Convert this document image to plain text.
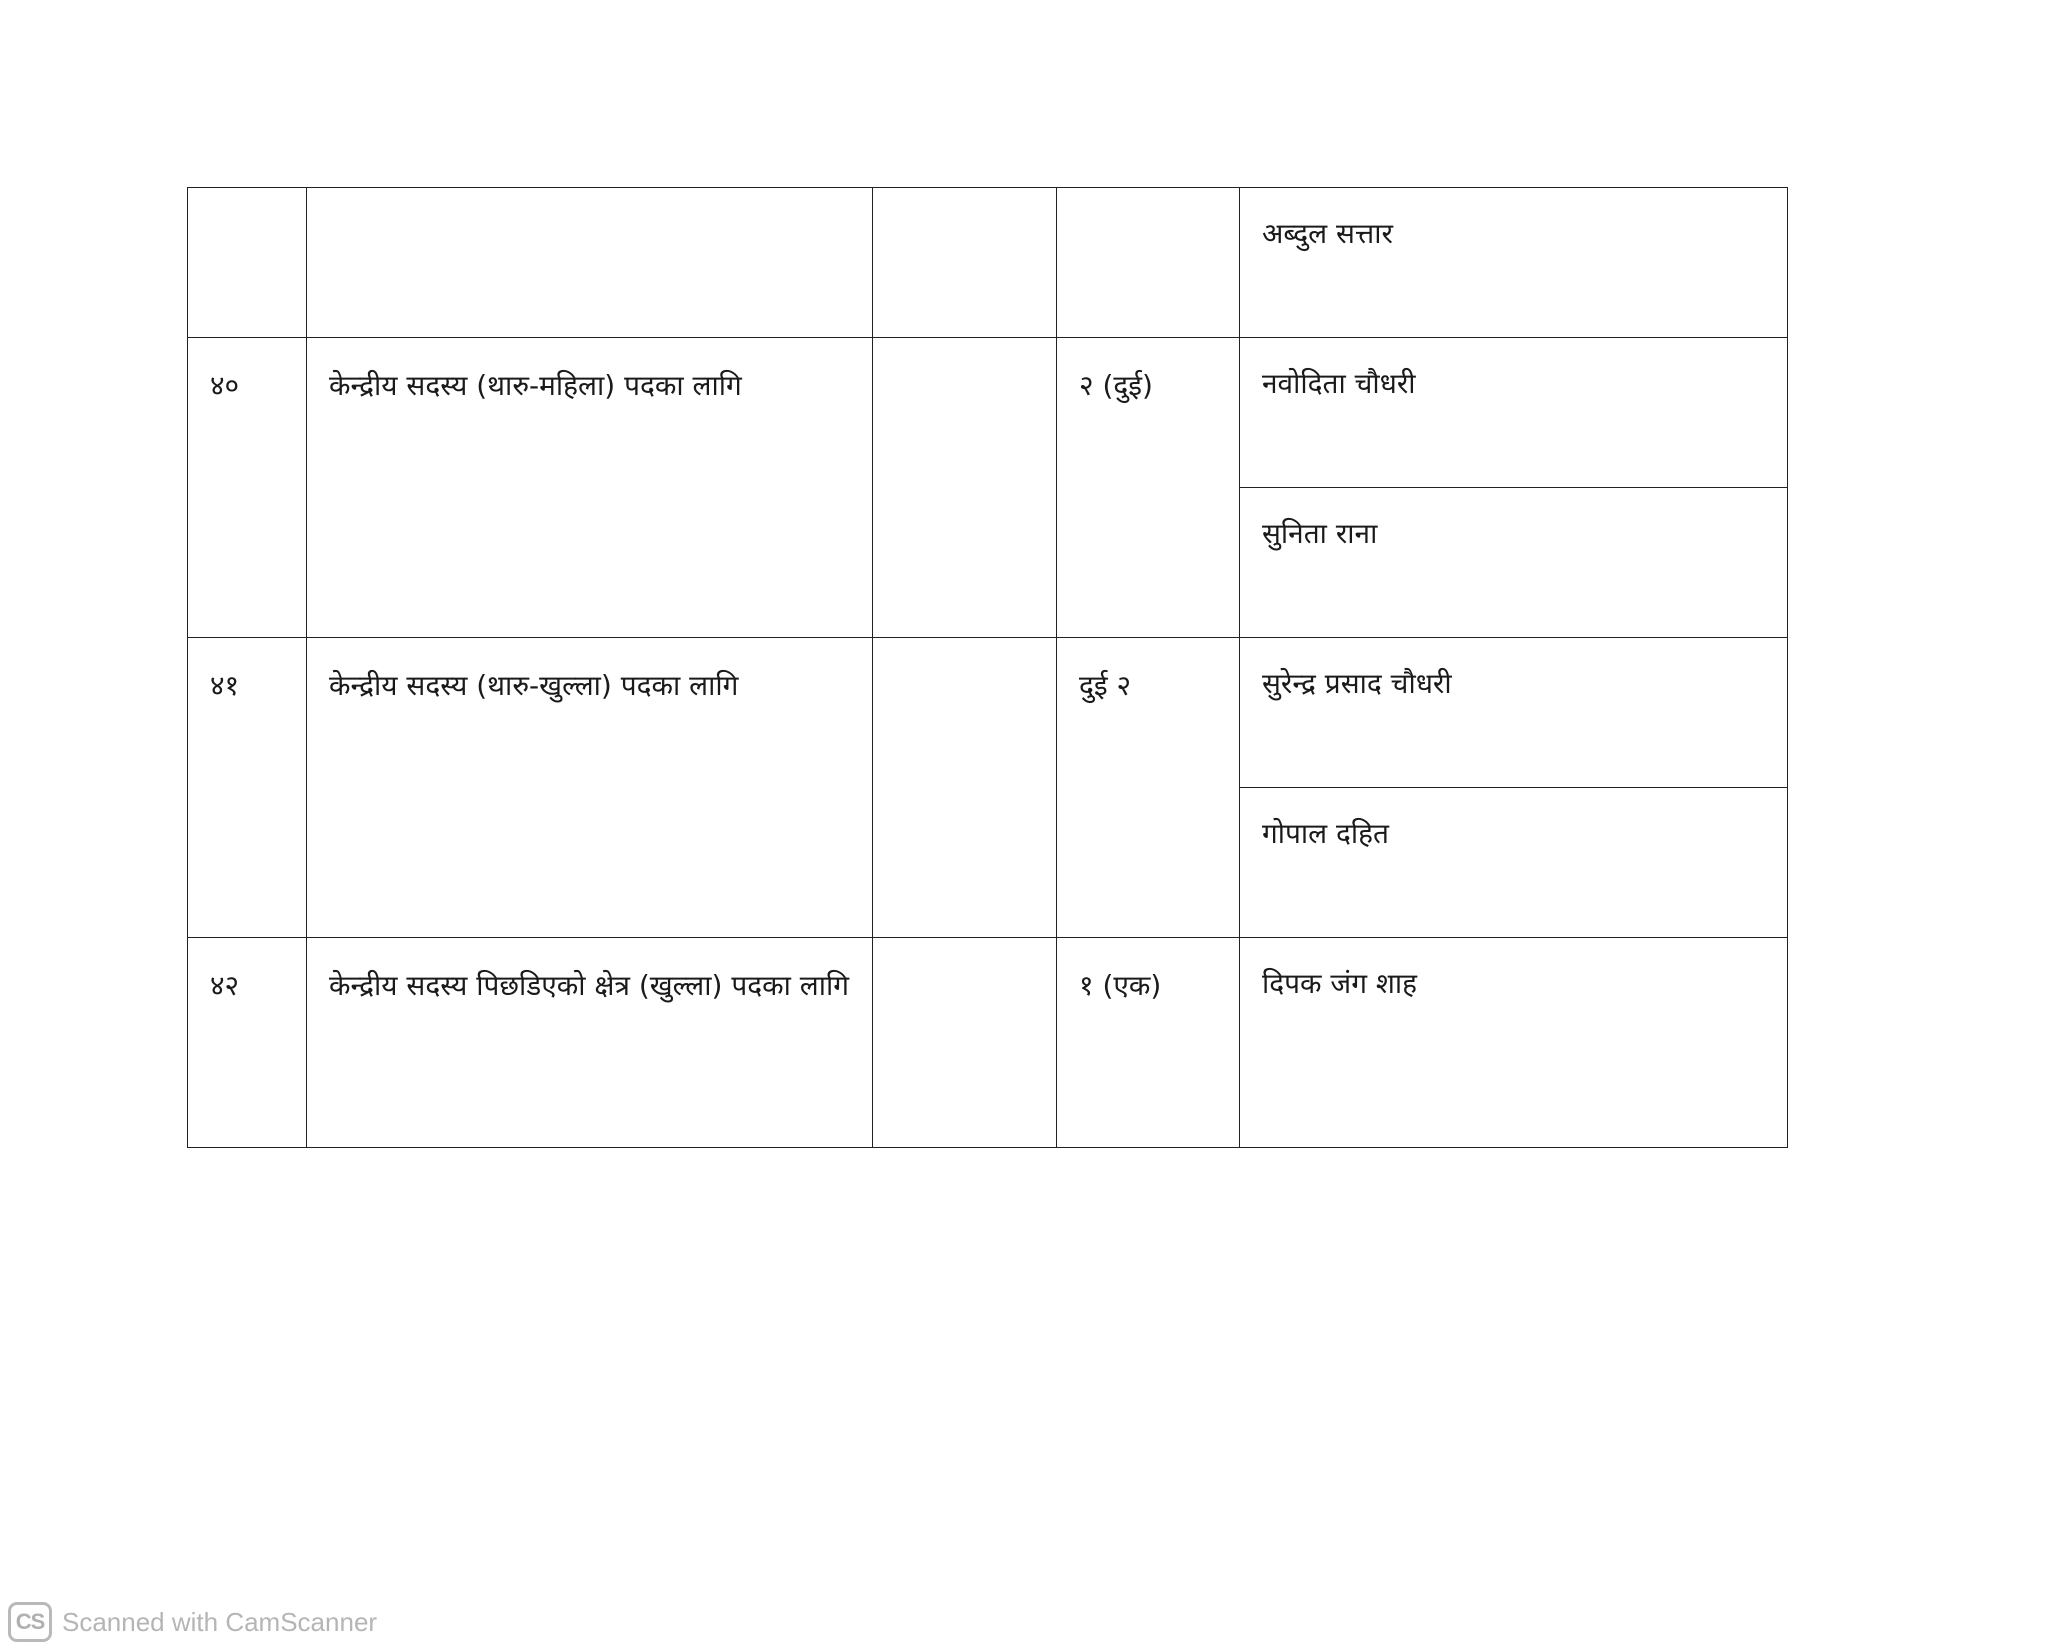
				अब्दुल सत्तार
४०	केन्द्रीय सदस्य (थारु-महिला) पदका लागि		२ (दुई)	नवोदिता चौधरी
				सुनिता राना
४१	केन्द्रीय सदस्य (थारु-खुल्ला) पदका लागि		दुई २	सुरेन्द्र प्रसाद चौधरी
				गोपाल दहित
४२	केन्द्रीय सदस्य पिछडिएको क्षेत्र (खुल्ला) पदका लागि		१ (एक)	दिपक जंग शाह
CS Scanned with CamScanner
